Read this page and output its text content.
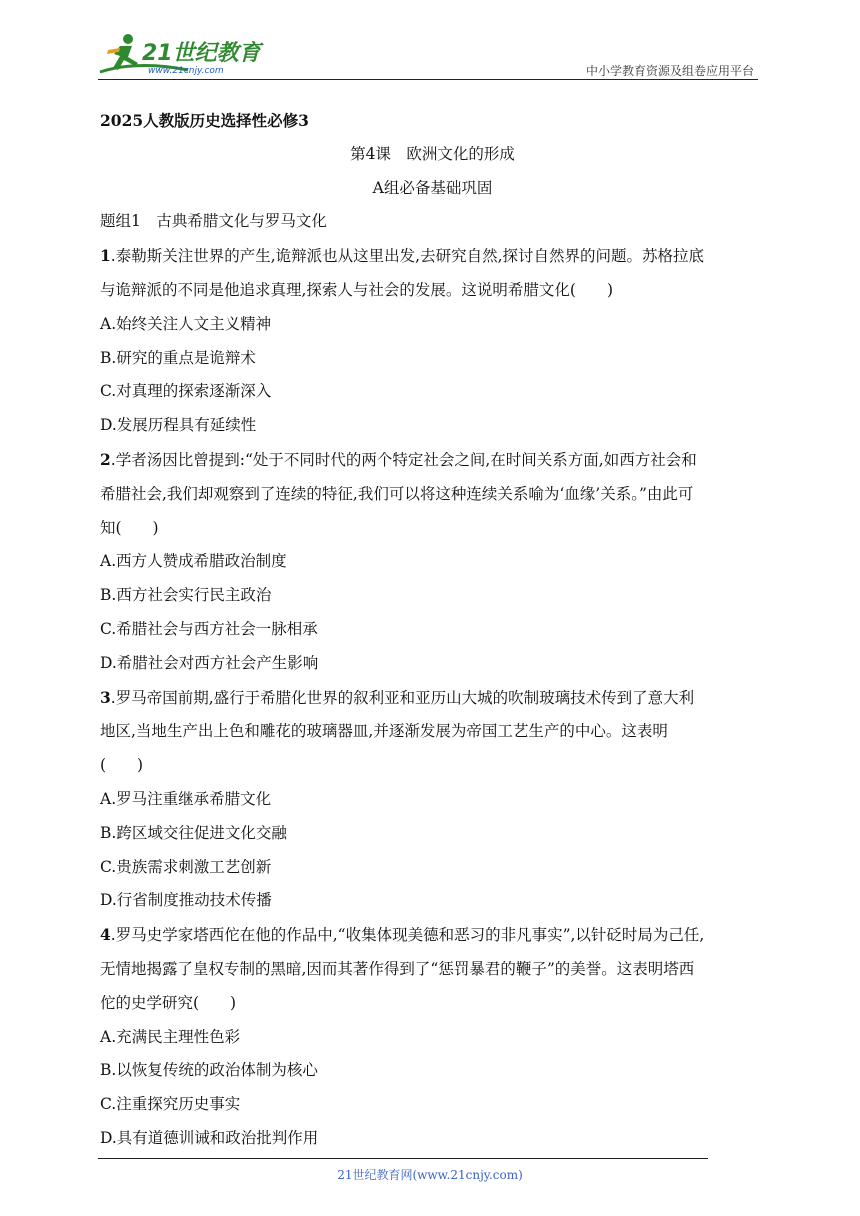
21世纪教育
www.21cnjy.com	中小学教育资源及组卷应用平台

2025人教版历史选择性必修3

第4课　欧洲文化的形成

A组必备基础巩固

题组1　古典希腊文化与罗马文化

1.泰勒斯关注世界的产生,诡辩派也从这里出发,去研究自然,探讨自然界的问题。苏格拉底

与诡辩派的不同是他追求真理,探索人与社会的发展。这说明希腊文化(　　)

A.始终关注人文主义精神

B.研究的重点是诡辩术

C.对真理的探索逐渐深入

D.发展历程具有延续性

2.学者汤因比曾提到:“处于不同时代的两个特定社会之间,在时间关系方面,如西方社会和

希腊社会,我们却观察到了连续的特征,我们可以将这种连续关系喻为‘血缘’关系。”由此可

知(　　)

A.西方人赞成希腊政治制度

B.西方社会实行民主政治

C.希腊社会与西方社会一脉相承

D.希腊社会对西方社会产生影响

3.罗马帝国前期,盛行于希腊化世界的叙利亚和亚历山大城的吹制玻璃技术传到了意大利

地区,当地生产出上色和雕花的玻璃器皿,并逐渐发展为帝国工艺生产的中心。这表明

(　　)

A.罗马注重继承希腊文化

B.跨区域交往促进文化交融

C.贵族需求刺激工艺创新

D.行省制度推动技术传播

4.罗马史学家塔西佗在他的作品中,“收集体现美德和恶习的非凡事实”,以针砭时局为己任,

无情地揭露了皇权专制的黑暗,因而其著作得到了“惩罚暴君的鞭子”的美誉。这表明塔西

佗的史学研究(　　)

A.充满民主理性色彩

B.以恢复传统的政治体制为核心

C.注重探究历史事实

D.具有道德训诫和政治批判作用

21世纪教育网(www.21cnjy.com)
